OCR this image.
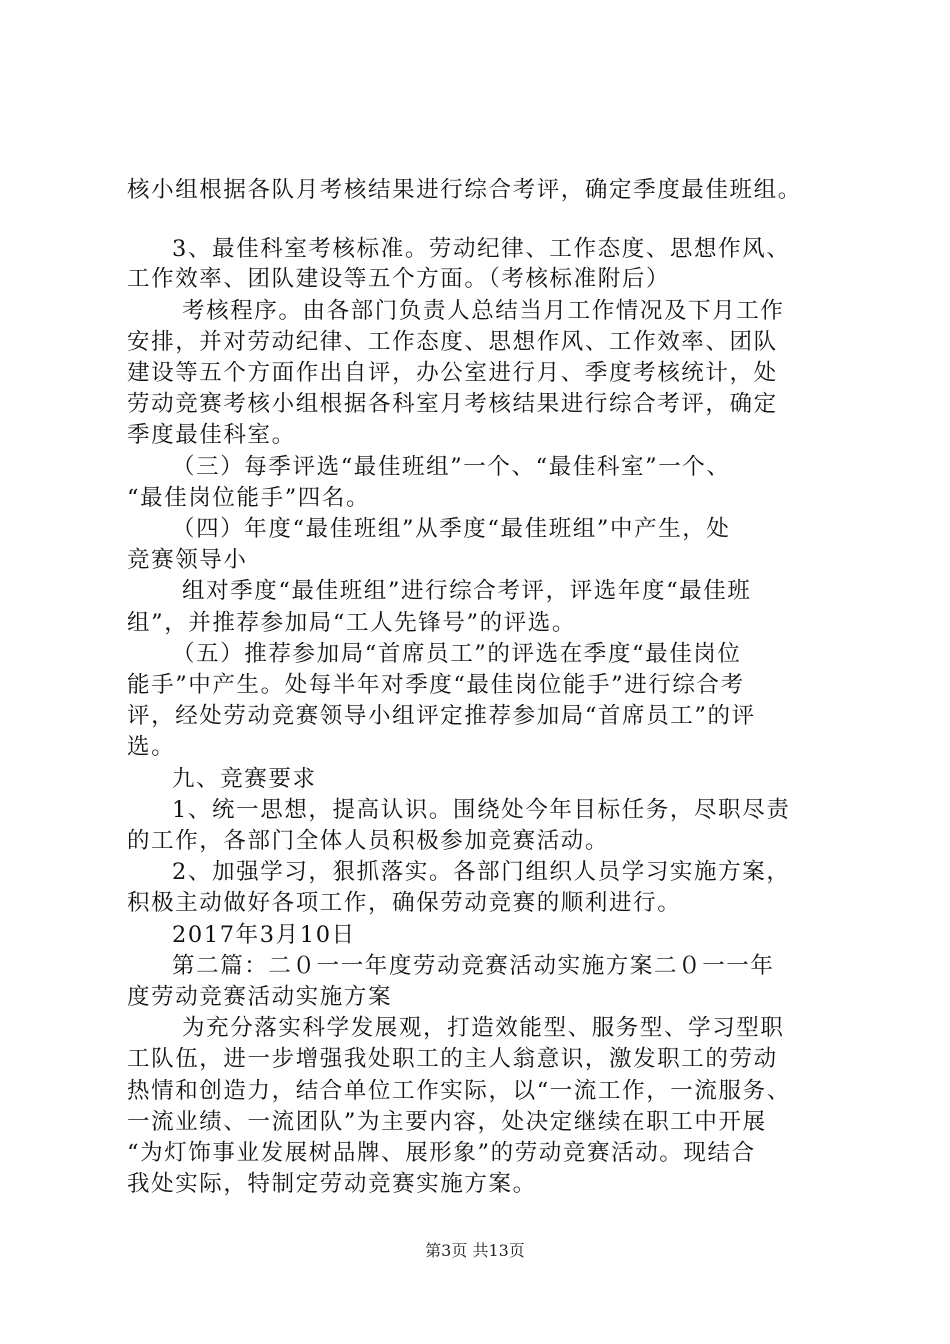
核小组根据各队月考核结果进行综合考评，确定季度最佳班组。
3、最佳科室考核标准。劳动纪律、工作态度、思想作风、
工作效率、团队建设等五个方面。（考核标准附后）
考核程序。由各部门负责人总结当月工作情况及下月工作
安排，并对劳动纪律、工作态度、思想作风、工作效率、团队
建设等五个方面作出自评，办公室进行月、季度考核统计，处
劳动竞赛考核小组根据各科室月考核结果进行综合考评，确定
季度最佳科室。
（三）每季评选“最佳班组”一个、“最佳科室”一个、
“最佳岗位能手”四名。
（四）年度“最佳班组”从季度“最佳班组”中产生，处
竞赛领导小
组对季度“最佳班组”进行综合考评，评选年度“最佳班
组”，并推荐参加局“工人先锋号”的评选。
（五）推荐参加局“首席员工”的评选在季度“最佳岗位
能手”中产生。处每半年对季度“最佳岗位能手”进行综合考
评，经处劳动竞赛领导小组评定推荐参加局“首席员工”的评
选。
九、竞赛要求
1、统一思想，提高认识。围绕处今年目标任务，尽职尽责
的工作，各部门全体人员积极参加竞赛活动。
2、加强学习，狠抓落实。各部门组织人员学习实施方案，
积极主动做好各项工作，确保劳动竞赛的顺利进行。
2017年3月10日
第二篇：二０一一年度劳动竞赛活动实施方案二０一一年
度劳动竞赛活动实施方案
为充分落实科学发展观，打造效能型、服务型、学习型职
工队伍，进一步增强我处职工的主人翁意识，激发职工的劳动
热情和创造力，结合单位工作实际，以“一流工作，一流服务、
一流业绩、一流团队”为主要内容，处决定继续在职工中开展
“为灯饰事业发展树品牌、展形象”的劳动竞赛活动。现结合
我处实际，特制定劳动竞赛实施方案。
第3页 共13页
